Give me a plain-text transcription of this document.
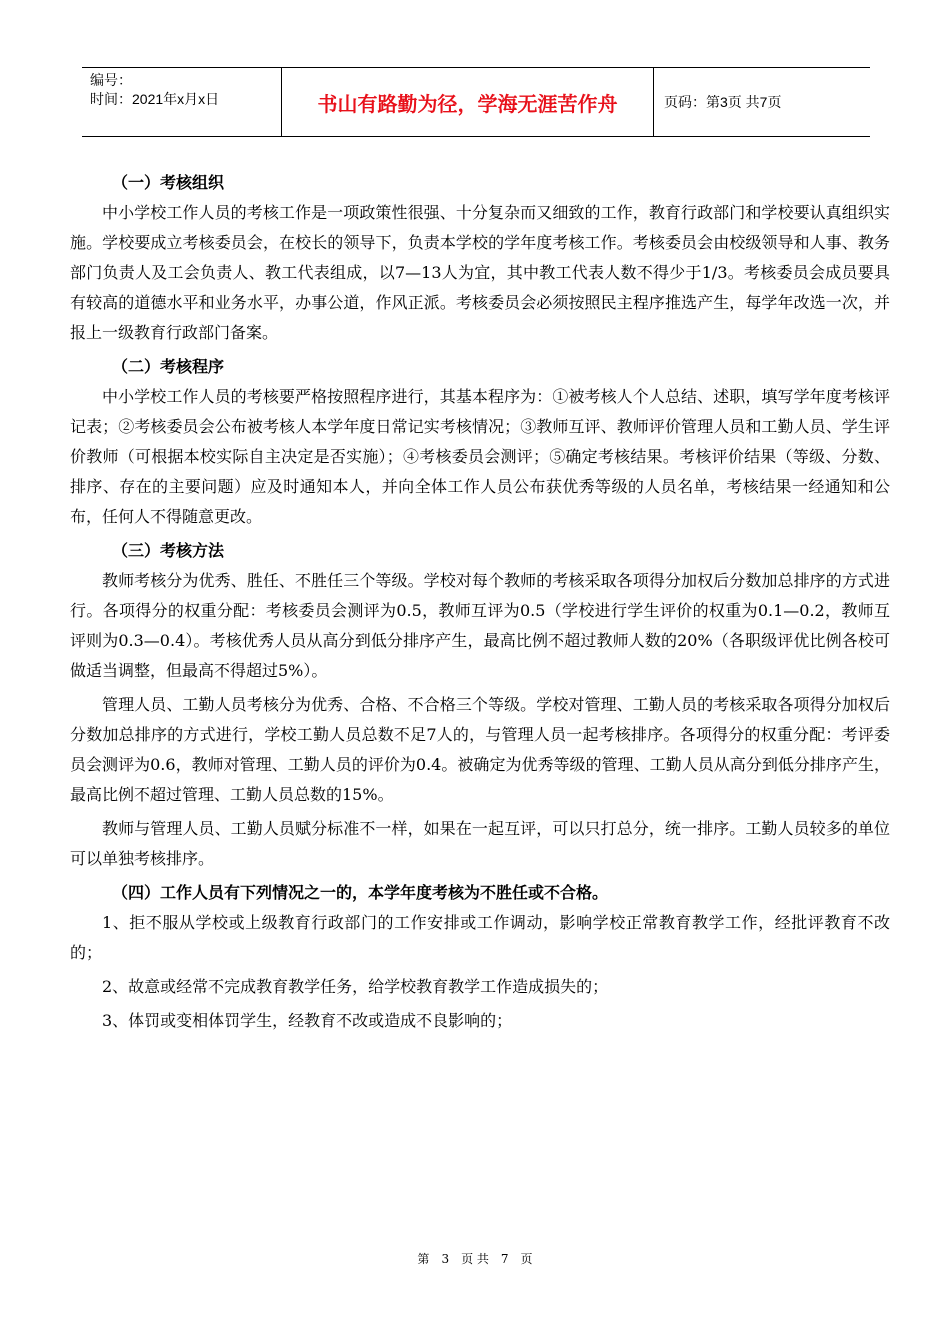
编号：
时间：2021年x月x日	书山有路勤为径，学海无涯苦作舟	页码：第3页 共7页
（一）考核组织

中小学校工作人员的考核工作是一项政策性很强、十分复杂而又细致的工作，教育行政部门和学校要认真组织实施。学校要成立考核委员会，在校长的领导下，负责本学校的学年度考核工作。考核委员会由校级领导和人事、教务部门负责人及工会负责人、教工代表组成，以7—13人为宜，其中教工代表人数不得少于1/3。考核委员会成员要具有较高的道德水平和业务水平，办事公道，作风正派。考核委员会必须按照民主程序推选产生，每学年改选一次，并报上一级教育行政部门备案。

（二）考核程序

中小学校工作人员的考核要严格按照程序进行，其基本程序为：①被考核人个人总结、述职，填写学年度考核评记表；②考核委员会公布被考核人本学年度日常记实考核情况；③教师互评、教师评价管理人员和工勤人员、学生评价教师（可根据本校实际自主决定是否实施）；④考核委员会测评；⑤确定考核结果。考核评价结果（等级、分数、排序、存在的主要问题）应及时通知本人，并向全体工作人员公布获优秀等级的人员名单，考核结果一经通知和公布，任何人不得随意更改。

（三）考核方法

教师考核分为优秀、胜任、不胜任三个等级。学校对每个教师的考核采取各项得分加权后分数加总排序的方式进行。各项得分的权重分配：考核委员会测评为0.5，教师互评为0.5（学校进行学生评价的权重为0.1—0.2，教师互评则为0.3—0.4）。考核优秀人员从高分到低分排序产生，最高比例不超过教师人数的20%（各职级评优比例各校可做适当调整，但最高不得超过5%）。

管理人员、工勤人员考核分为优秀、合格、不合格三个等级。学校对管理、工勤人员的考核采取各项得分加权后分数加总排序的方式进行，学校工勤人员总数不足7人的，与管理人员一起考核排序。各项得分的权重分配：考评委员会测评为0.6，教师对管理、工勤人员的评价为0.4。被确定为优秀等级的管理、工勤人员从高分到低分排序产生，最高比例不超过管理、工勤人员总数的15%。

教师与管理人员、工勤人员赋分标准不一样，如果在一起互评，可以只打总分，统一排序。工勤人员较多的单位可以单独考核排序。

（四）工作人员有下列情况之一的，本学年度考核为不胜任或不合格。

1、拒不服从学校或上级教育行政部门的工作安排或工作调动，影响学校正常教育教学工作，经批评教育不改的；

2、故意或经常不完成教育教学任务，给学校教育教学工作造成损失的；

3、体罚或变相体罚学生，经教育不改或造成不良影响的；

第 3 页 共 7 页
